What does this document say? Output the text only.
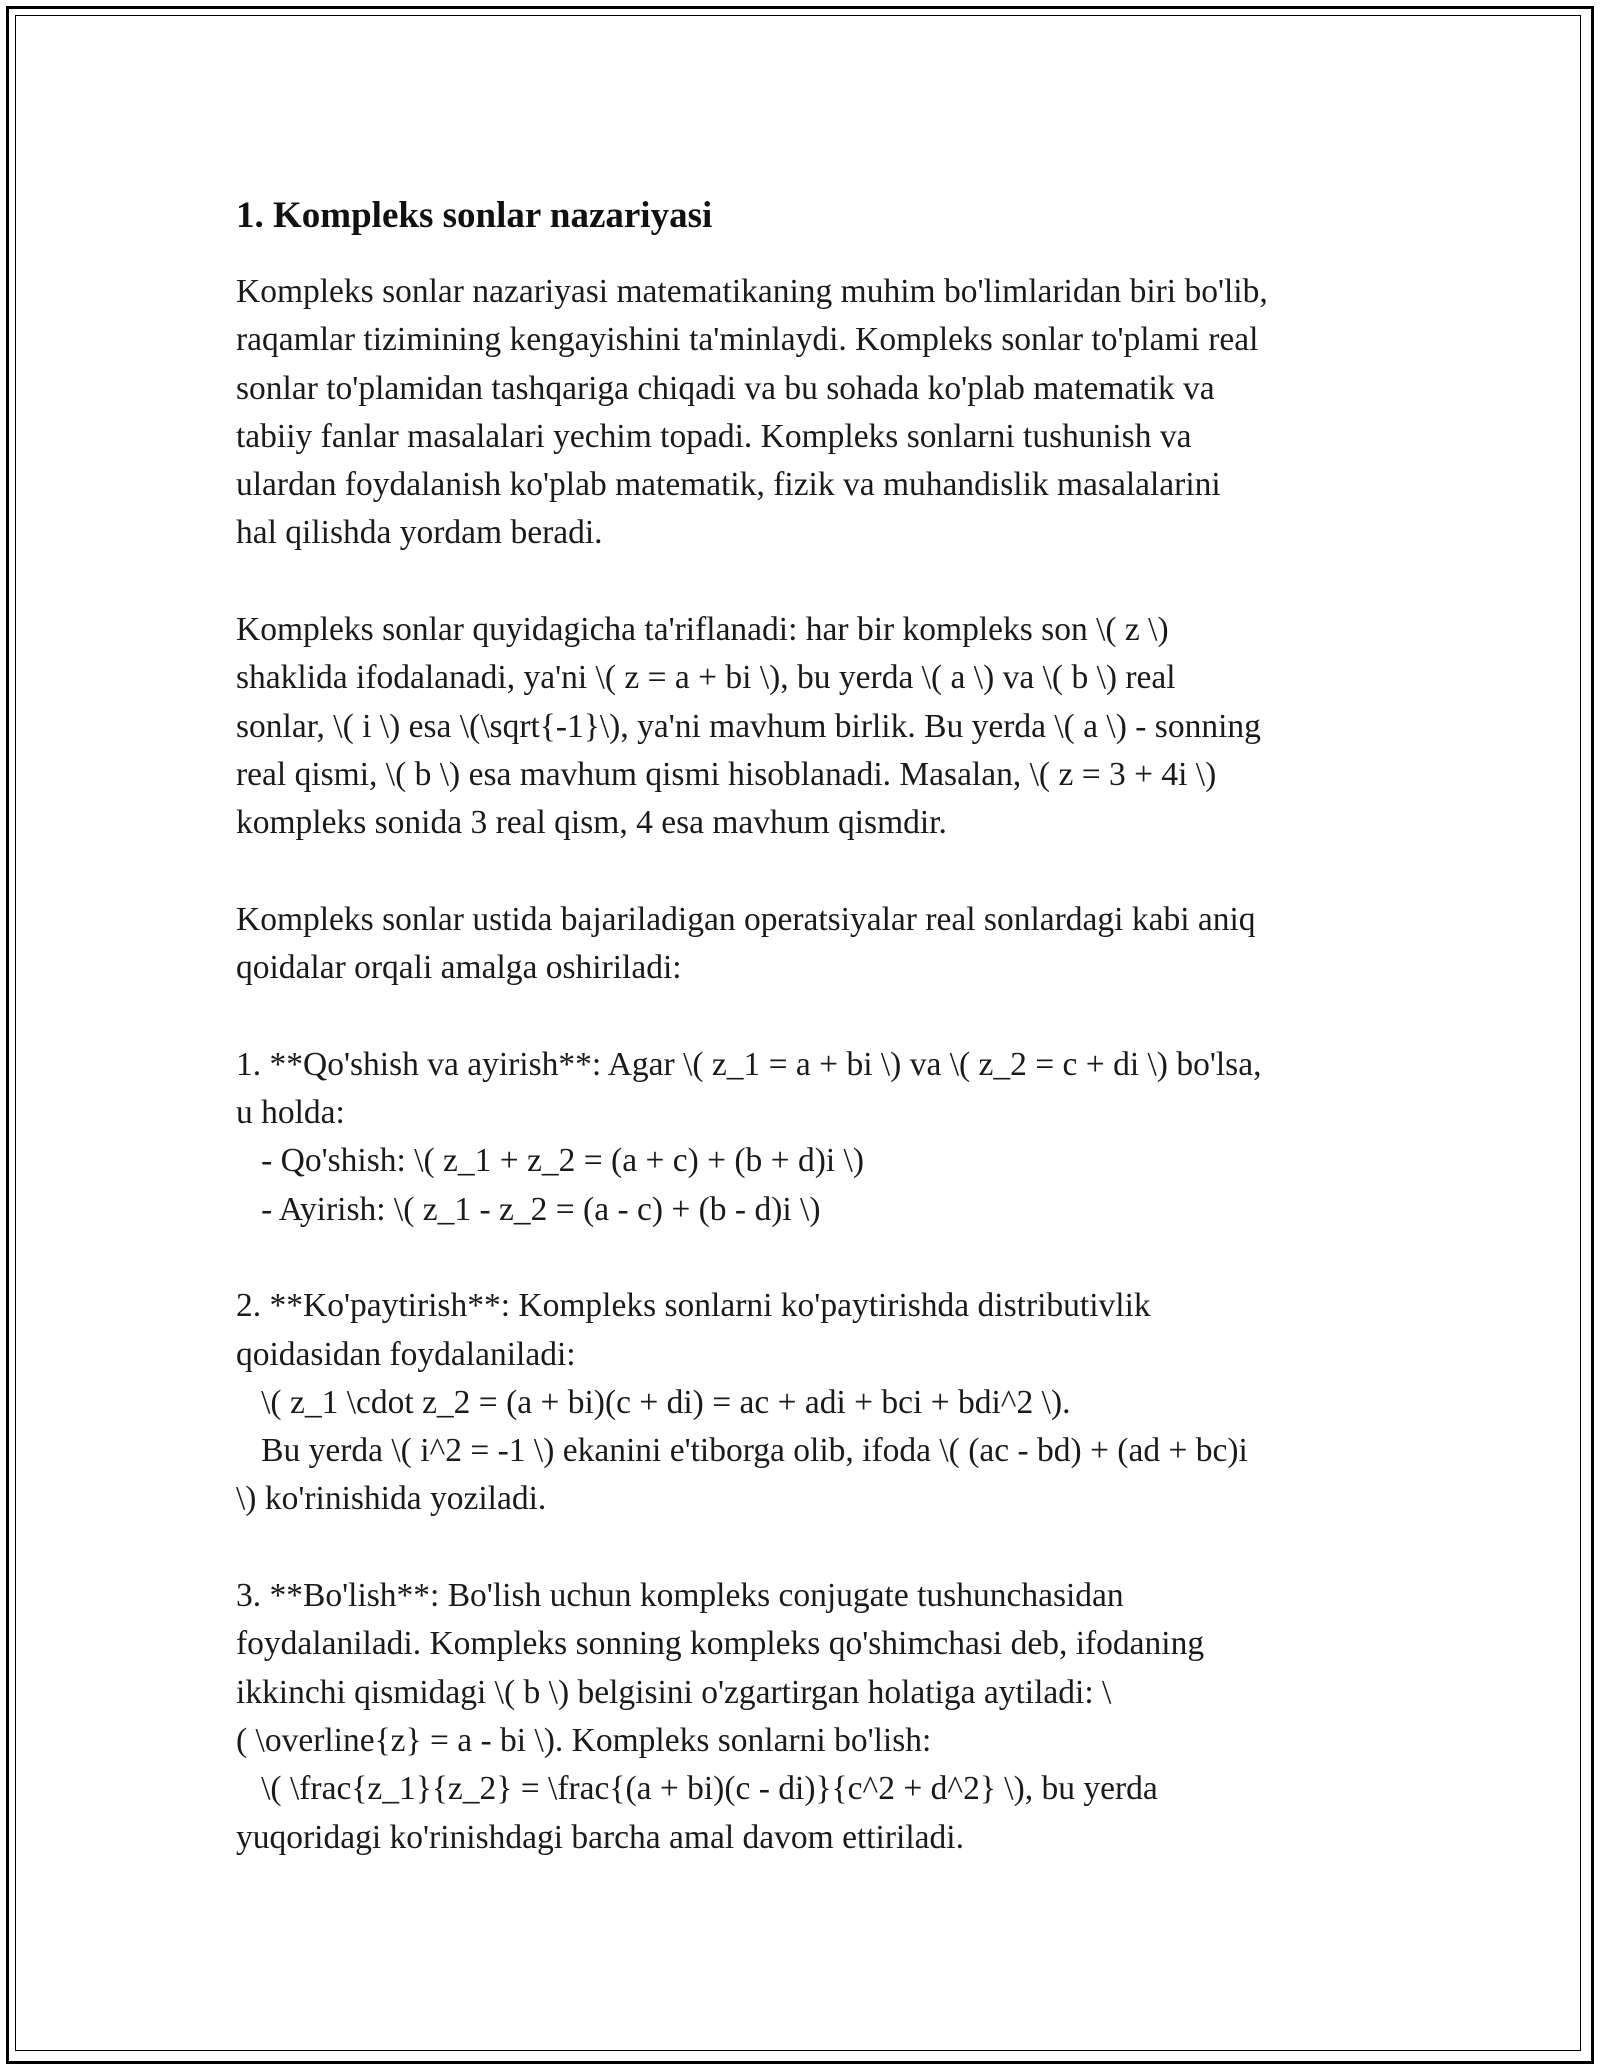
1. Kompleks sonlar nazariyasi
Kompleks sonlar nazariyasi matematikaning muhim bo'limlaridan biri bo'lib,
raqamlar tizimining kengayishini ta'minlaydi. Kompleks sonlar to'plami real
sonlar to'plamidan tashqariga chiqadi va bu sohada ko'plab matematik va
tabiiy fanlar masalalari yechim topadi. Kompleks sonlarni tushunish va
ulardan foydalanish ko'plab matematik, fizik va muhandislik masalalarini
hal qilishda yordam beradi.
Kompleks sonlar quyidagicha ta'riflanadi: har bir kompleks son \( z \)
shaklida ifodalanadi, ya'ni \( z = a + bi \), bu yerda \( a \) va \( b \) real
sonlar, \( i \) esa \(\sqrt{-1}\), ya'ni mavhum birlik. Bu yerda \( a \) - sonning
real qismi, \( b \) esa mavhum qismi hisoblanadi. Masalan, \( z = 3 + 4i \)
kompleks sonida 3 real qism, 4 esa mavhum qismdir.
Kompleks sonlar ustida bajariladigan operatsiyalar real sonlardagi kabi aniq
qoidalar orqali amalga oshiriladi:
1. **Qo'shish va ayirish**: Agar \( z_1 = a + bi \) va \( z_2 = c + di \) bo'lsa,
u holda:
- Qo'shish: \( z_1 + z_2 = (a + c) + (b + d)i \)
- Ayirish: \( z_1 - z_2 = (a - c) + (b - d)i \)
2. **Ko'paytirish**: Kompleks sonlarni ko'paytirishda distributivlik
qoidasidan foydalaniladi:
\( z_1 \cdot z_2 = (a + bi)(c + di) = ac + adi + bci + bdi^2 \).
Bu yerda \( i^2 = -1 \) ekanini e'tiborga olib, ifoda \( (ac - bd) + (ad + bc)i
\) ko'rinishida yoziladi.
3. **Bo'lish**: Bo'lish uchun kompleks conjugate tushunchasidan
foydalaniladi. Kompleks sonning kompleks qo'shimchasi deb, ifodaning
ikkinchi qismidagi \( b \) belgisini o'zgartirgan holatiga aytiladi: \
( \overline{z} = a - bi \). Kompleks sonlarni bo'lish:
\( \frac{z_1}{z_2} = \frac{(a + bi)(c - di)}{c^2 + d^2} \), bu yerda
yuqoridagi ko'rinishdagi barcha amal davom ettiriladi.
